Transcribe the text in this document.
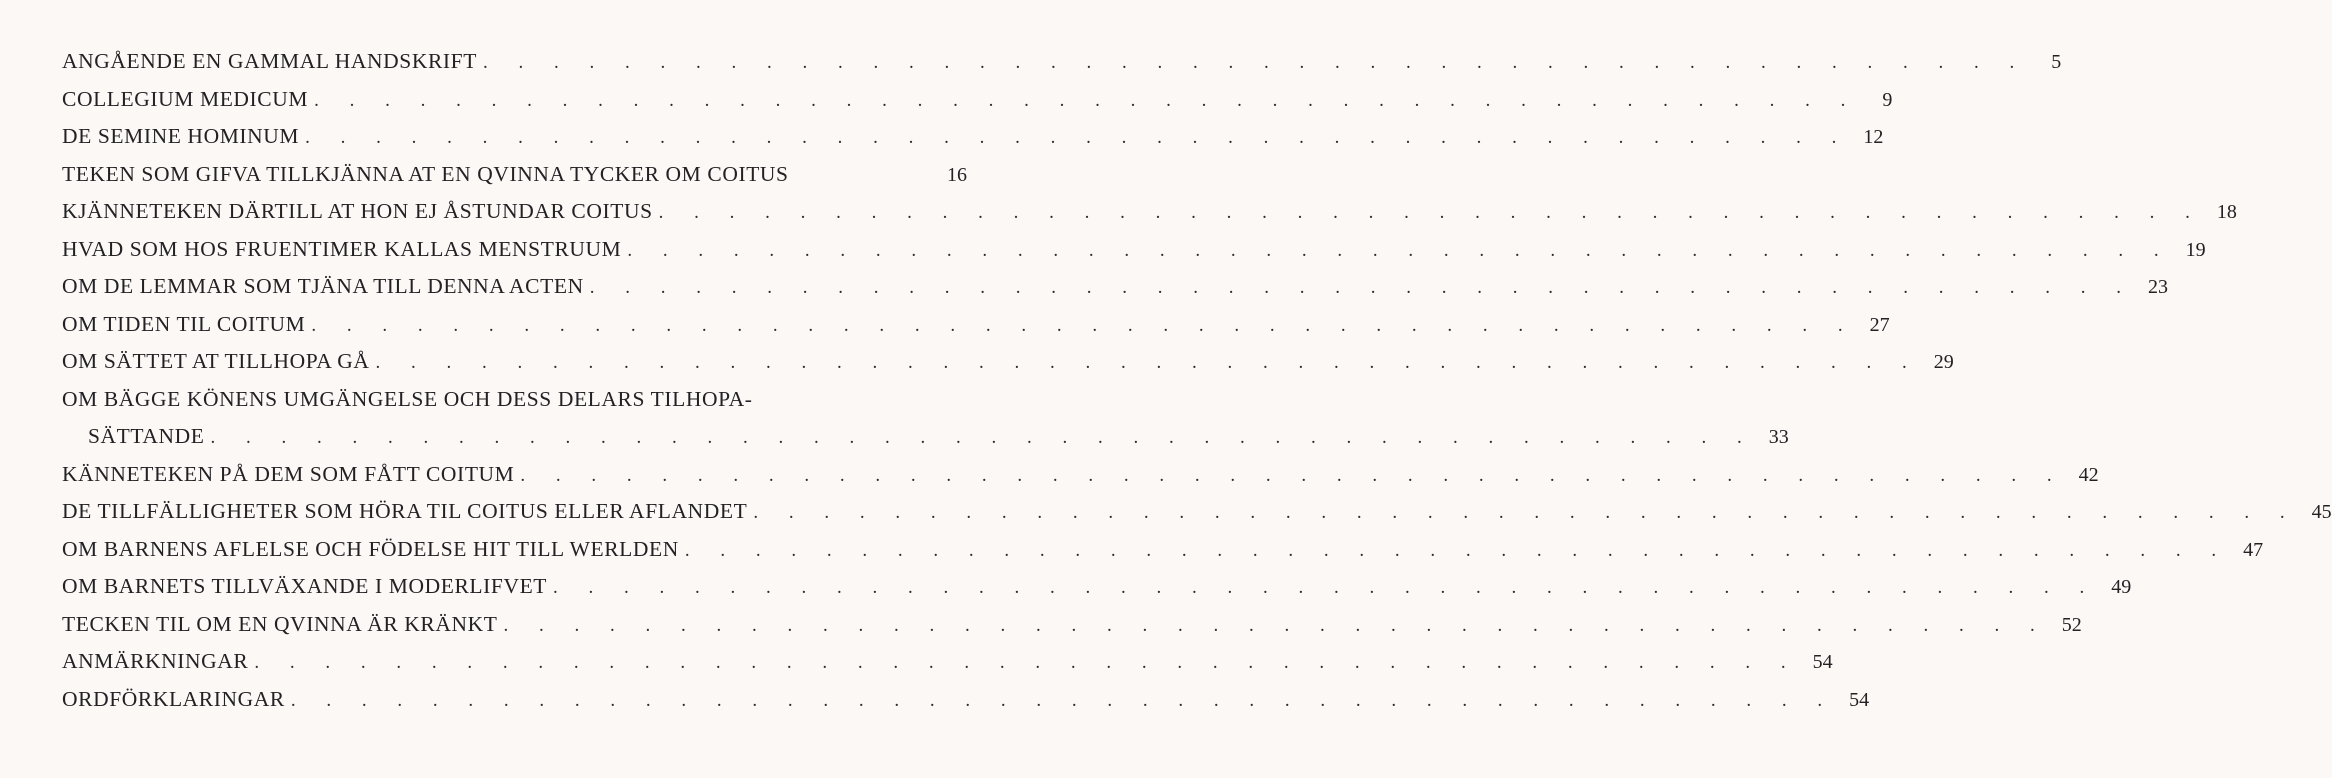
ANGÅENDE EN GAMMAL HANDSKRIFT . . . . . . . . . . . . . . . . . . . . . . . . . . . . . . . . . . . . . . . . . . . .	5
COLLEGIUM MEDICUM . . . . . . . . . . . . . . . . . . . . . . . . . . . . . . . . . . . . . . . . . . . .	9
DE SEMINE HOMINUM . . . . . . . . . . . . . . . . . . . . . . . . . . . . . . . . . . . . . . . . . . . . 12
TEKEN SOM GIFVA TILLKJÄNNA AT EN QVINNA TYCKER OM COITUS	16
KJÄNNETEKEN DÄRTILL AT HON EJ ÅSTUNDAR COITUS . . . . . . . . . . . . . . . . . . . . . . . . . . . . . . . . . . . . . . . . . . . . 18
HVAD SOM HOS FRUENTIMER KALLAS MENSTRUUM . . . . . . . . . . . . . . . . . . . . . . . . . . . . . . . . . . . . . . . . . . . . 19
OM DE LEMMAR SOM TJÄNA TILL DENNA ACTEN . . . . . . . . . . . . . . . . . . . . . . . . . . . . . . . . . . . . . . . . . . . . 23
OM TIDEN TIL COITUM . . . . . . . . . . . . . . . . . . . . . . . . . . . . . . . . . . . . . . . . . . . . 27
OM SÄTTET AT TILLHOPA GÅ . . . . . . . . . . . . . . . . . . . . . . . . . . . . . . . . . . . . . . . . . . . . 29
OM BÄGGE KÖNENS UMGÄNGELSE OCH DESS DELARS TILHOPA-
SÄTTANDE . . . . . . . . . . . . . . . . . . . . . . . . . . . . . . . . . . . . . . . . . . . . 33
KÄNNETEKEN PÅ DEM SOM FÅTT COITUM . . . . . . . . . . . . . . . . . . . . . . . . . . . . . . . . . . . . . . . . . . . . 42
DE TILLFÄLLIGHETER SOM HÖRA TIL COITUS ELLER AFLANDET . . . . . . . . . . . . . . . . . . . . . . . . . . . . . . . . . . . . . . . . . . . . 45
OM BARNENS AFLELSE OCH FÖDELSE HIT TILL WERLDEN . . . . . . . . . . . . . . . . . . . . . . . . . . . . . . . . . . . . . . . . . . . . 47
OM BARNETS TILLVÄXANDE I MODERLIFVET . . . . . . . . . . . . . . . . . . . . . . . . . . . . . . . . . . . . . . . . . . . . 49
TECKEN TIL OM EN QVINNA ÄR KRÄNKT . . . . . . . . . . . . . . . . . . . . . . . . . . . . . . . . . . . . . . . . . . . . 52
ANMÄRKNINGAR . . . . . . . . . . . . . . . . . . . . . . . . . . . . . . . . . . . . . . . . . . . . 54
ORDFÖRKLARINGAR . . . . . . . . . . . . . . . . . . . . . . . . . . . . . . . . . . . . . . . . . . . . 54
